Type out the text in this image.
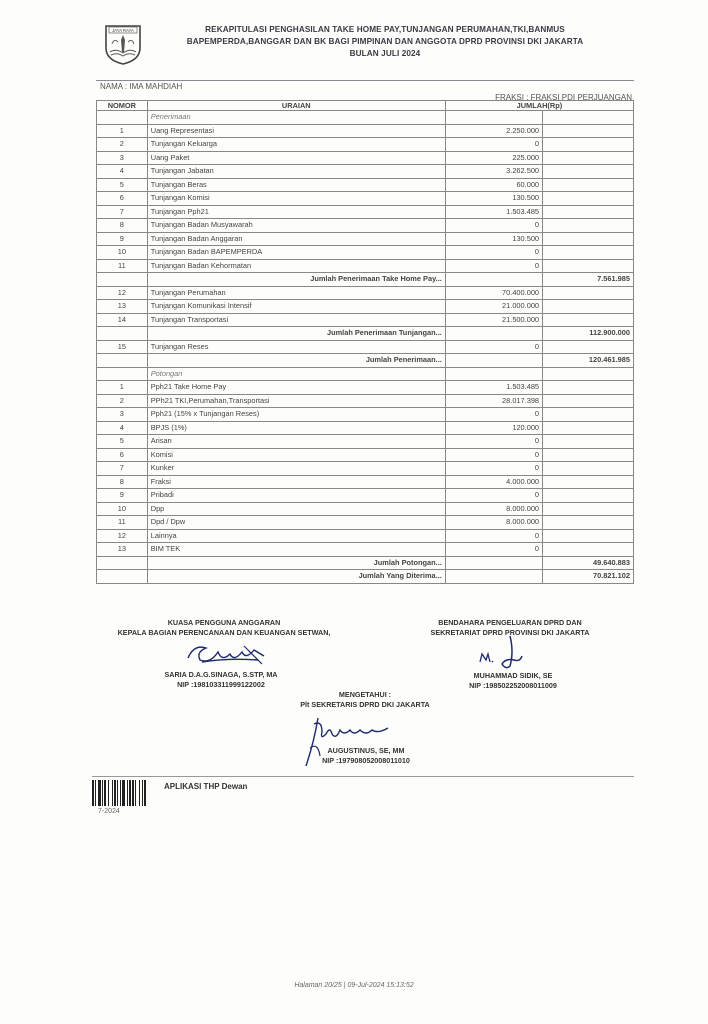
JAYA RAYA	REKAPITULASI PENGHASILAN TAKE HOME PAY,TUNJANGAN PERUMAHAN,TKI,BANMUS
BAPEMPERDA,BANGGAR DAN BK BAGI PIMPINAN DAN ANGGOTA DPRD PROVINSI DKI JAKARTA
BULAN JULI 2024
NAMA : IMA MAHDIAH
FRAKSI : FRAKSI PDI PERJUANGAN
NOMOR	URAIAN	JUMLAH(Rp)	
	Penerimaan		
1	Uang Representasi	2.250.000	
2	Tunjangan Keluarga	0	
3	Uang Paket	225.000	
4	Tunjangan Jabatan	3.262.500	
5	Tunjangan Beras	60.000	
6	Tunjangan Komisi	130.500	
7	Tunjangan Pph21	1.503.485	
8	Tunjangan Badan Musyawarah	0	
9	Tunjangan Badan Anggaran	130.500	
10	Tunjangan Badan BAPEMPERDA	0	
11	Tunjangan Badan Kehormatan	0	
	Jumlah Penerimaan Take Home Pay...		7.561.985
12	Tunjangan Perumahan	70.400.000	
13	Tunjangan Komunikasi Intensif	21.000.000	
14	Tunjangan Transportasi	21.500.000	
	Jumlah Penerimaan Tunjangan...		112.900.000
15	Tunjangan Reses	0	
	Jumlah Penerimaan...		120.461.985
	Potongan		
1	Pph21 Take Home Pay	1.503.485	
2	PPh21 TKI,Perumahan,Transportasi	28.017.398	
3	Pph21 (15% x Tunjangan Reses)	0	
4	BPJS (1%)	120.000	
5	Arisan	0	
6	Komisi	0	
7	Kunker	0	
8	Fraksi	4.000.000	
9	Pribadi	0	
10	Dpp	8.000.000	
11	Dpd / Dpw	8.000.000	
12	Lainnya	0	
13	BIM TEK	0	
	Jumlah Potongan...		49.640.883
	Jumlah Yang Diterima...		70.821.102
KUASA PENGGUNA ANGGARAN
KEPALA BAGIAN PERENCANAAN DAN KEUANGAN SETWAN,
SARIA D.A.G.SINAGA, S.STP, MA
NIP :198103311999122002
BENDAHARA PENGELUARAN DPRD DAN
SEKRETARIAT DPRD PROVINSI DKI JAKARTA
MUHAMMAD SIDIK, SE
NIP :198502252008011009
MENGETAHUI :
Plt SEKRETARIS DPRD DKI JAKARTA
AUGUSTINUS, SE, MM
NIP :197908052008011010
7-2024
APLIKASI THP Dewan
Halaman 20/25 | 09-Jul-2024 15:13:52
